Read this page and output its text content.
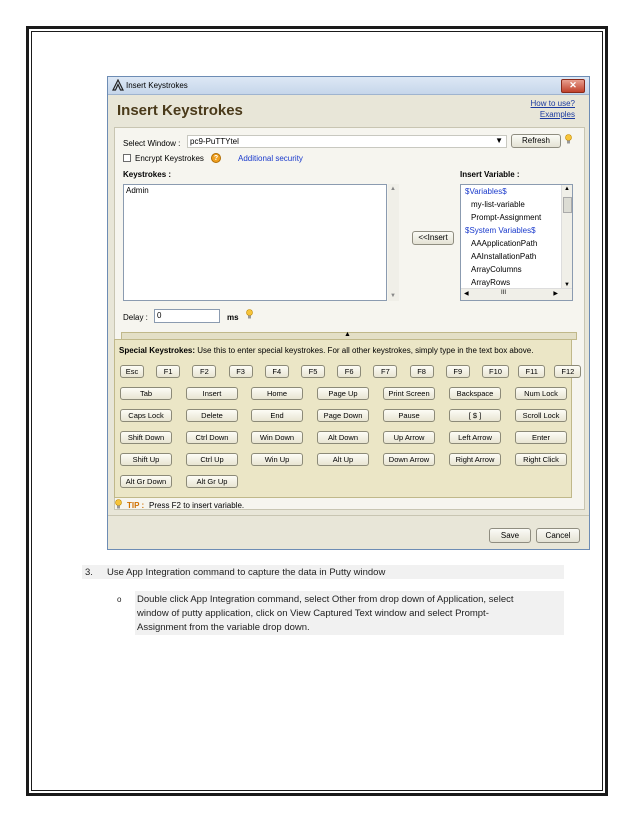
Insert Keystrokes	✕
Insert Keystrokes	How to use?
Examples
Select Window :	pc9-PuTTYtel	▼	Refresh
Encrypt Keystrokes	?	Additional security
Keystrokes :	Insert Variable :
Admin	▲
▼
<<Insert
$Variables$
my-list-variable
Prompt-Assignment
$System Variables$
AAApplicationPath
AAInstallationPath
ArrayColumns
ArrayRows
▲
▼
◀	III	▶
Delay :	0	ms
▲
Special Keystrokes: Use this to enter special keystrokes. For all other keystrokes, simply type in the text box above.
Esc	F1	F2	F3	F4	F5	F6	F7	F8	F9	F10	F11	F12
Tab	Insert	Home	Page Up	Print Screen	Backspace	Num Lock
Caps Lock	Delete	End	Page Down	Pause	[ $ ]	Scroll Lock
Shift Down	Ctrl Down	Win Down	Alt Down	Up Arrow	Left Arrow	Enter
Shift Up	Ctrl Up	Win Up	Alt Up	Down Arrow	Right Arrow	Right Click
Alt Gr Down	Alt Gr Up
TIP : Press F2 to insert variable.
Save	Cancel
3. Use App Integration command to capture the data in Putty window
o Double click App Integration command, select Other from drop down of Application, select
window of putty application, click on View Captured Text window and select Prompt-
Assignment from the variable drop down.
